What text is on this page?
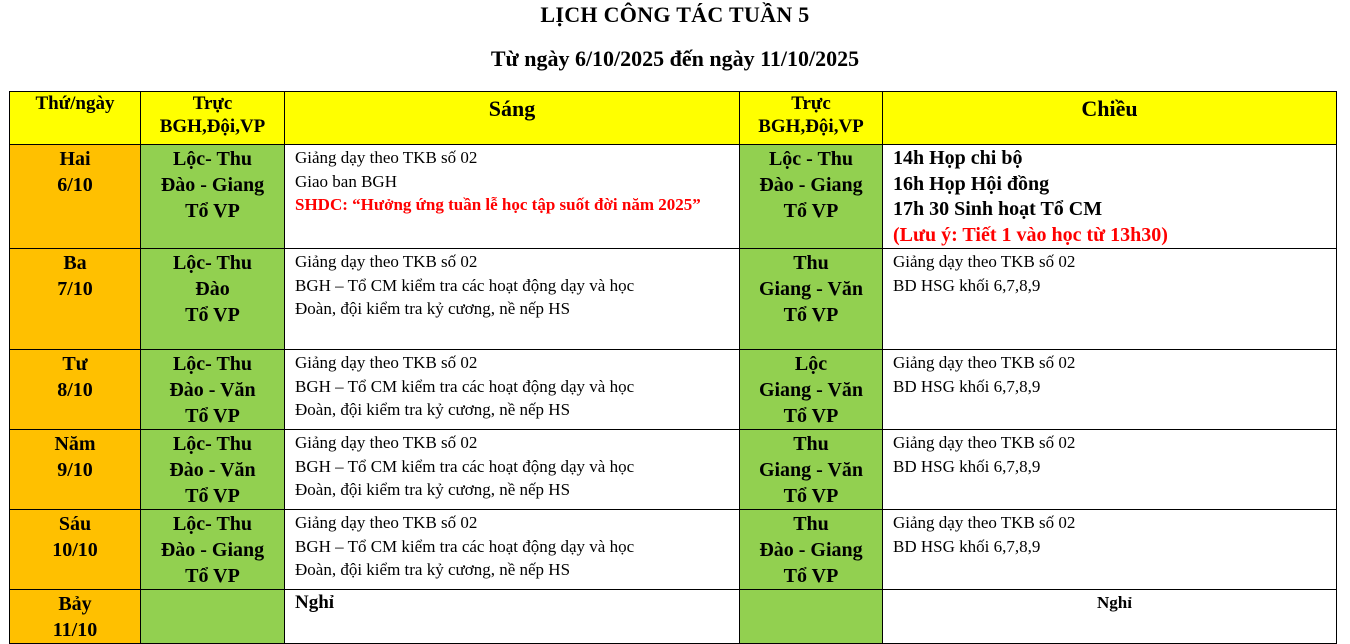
LỊCH CÔNG TÁC TUẦN 5
Từ ngày 6/10/2025 đến ngày 11/10/2025
Thứ/ngày	Trực
BGH,Đội,VP	Sáng	Trực
BGH,Đội,VP	Chiều

Hai
6/10	Lộc- Thu
Đào - Giang
Tổ VP	Giảng dạy theo TKB số 02
Giao ban BGH
SHDC: “Hưởng ứng tuần lễ học tập suốt đời năm 2025”	Lộc - Thu
Đào - Giang
Tổ VP	14h Họp chi bộ
16h Họp Hội đồng
17h 30 Sinh hoạt Tổ CM
(Lưu ý: Tiết 1 vào học từ 13h30)

Ba
7/10	Lộc- Thu
Đào
Tổ VP	Giảng dạy theo TKB số 02
BGH – Tổ CM kiểm tra các hoạt động dạy và học
Đoàn, đội kiểm tra kỷ cương, nề nếp HS	Thu
Giang - Văn
Tổ VP	Giảng dạy theo TKB số 02
BD HSG khối 6,7,8,9

Tư
8/10	Lộc- Thu
Đào - Văn
Tổ VP	Giảng dạy theo TKB số 02
BGH – Tổ CM kiểm tra các hoạt động dạy và học
Đoàn, đội kiểm tra kỷ cương, nề nếp HS	Lộc
Giang - Văn
Tổ VP	Giảng dạy theo TKB số 02
BD HSG khối 6,7,8,9

Năm
9/10	Lộc- Thu
Đào - Văn
Tổ VP	Giảng dạy theo TKB số 02
BGH – Tổ CM kiểm tra các hoạt động dạy và học
Đoàn, đội kiểm tra kỷ cương, nề nếp HS	Thu
Giang - Văn
Tổ VP	Giảng dạy theo TKB số 02
BD HSG khối 6,7,8,9

Sáu
10/10	Lộc- Thu
Đào - Giang
Tổ VP	Giảng dạy theo TKB số 02
BGH – Tổ CM kiểm tra các hoạt động dạy và học
Đoàn, đội kiểm tra kỷ cương, nề nếp HS	Thu
Đào - Giang
Tổ VP	Giảng dạy theo TKB số 02
BD HSG khối 6,7,8,9

Bảy
11/10		Nghỉ		Nghỉ
